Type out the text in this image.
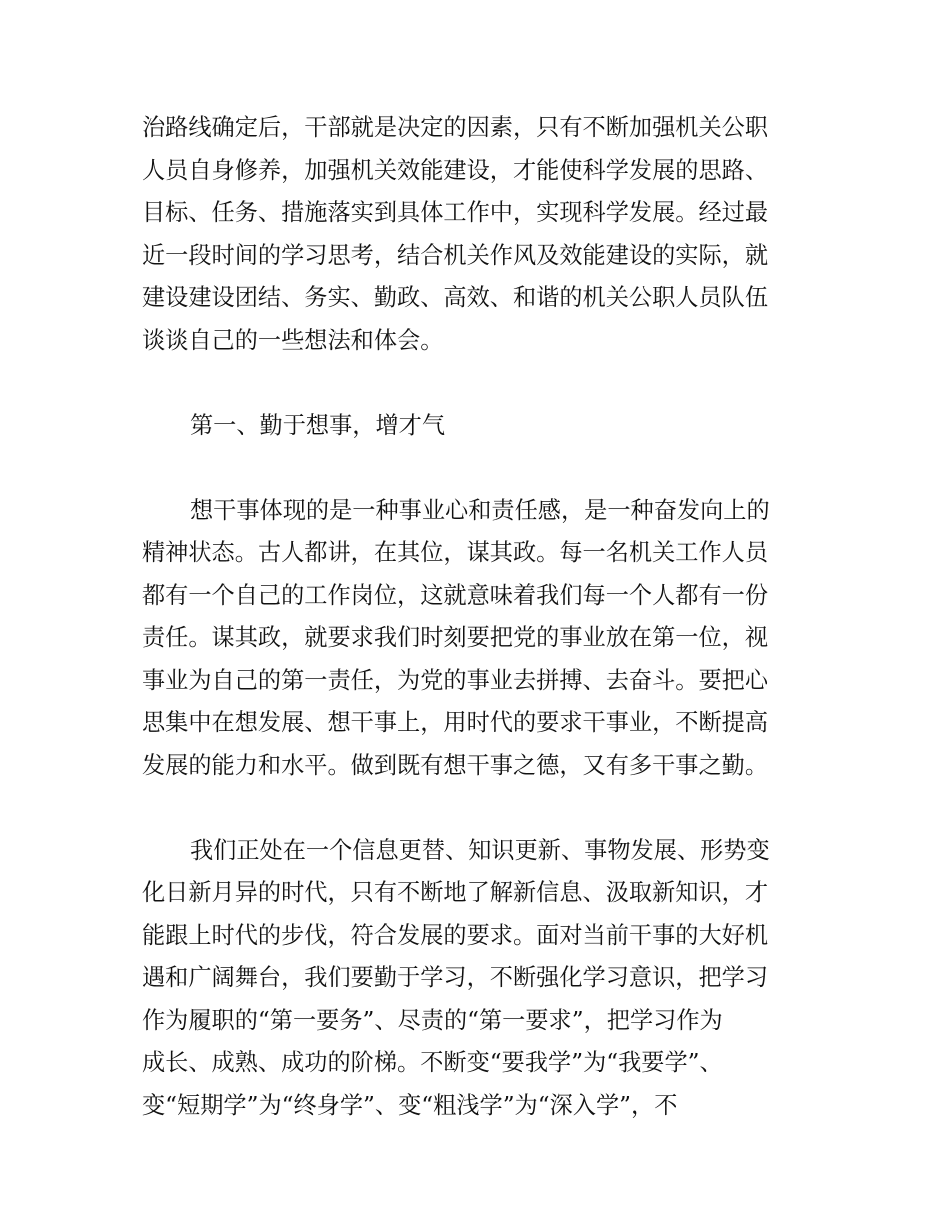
治路线确定后，干部就是决定的因素，只有不断加强机关公职
人员自身修养，加强机关效能建设，才能使科学发展的思路、
目标、任务、措施落实到具体工作中，实现科学发展。经过最
近一段时间的学习思考，结合机关作风及效能建设的实际，就
建设建设团结、务实、勤政、高效、和谐的机关公职人员队伍
谈谈自己的一些想法和体会。
第一、勤于想事，增才气
想干事体现的是一种事业心和责任感，是一种奋发向上的
精神状态。古人都讲，在其位，谋其政。每一名机关工作人员
都有一个自己的工作岗位，这就意味着我们每一个人都有一份
责任。谋其政，就要求我们时刻要把党的事业放在第一位，视
事业为自己的第一责任，为党的事业去拼搏、去奋斗。要把心
思集中在想发展、想干事上，用时代的要求干事业，不断提高
发展的能力和水平。做到既有想干事之德，又有多干事之勤。
我们正处在一个信息更替、知识更新、事物发展、形势变
化日新月异的时代，只有不断地了解新信息、汲取新知识，才
能跟上时代的步伐，符合发展的要求。面对当前干事的大好机
遇和广阔舞台，我们要勤于学习，不断强化学习意识，把学习
作为履职的“第一要务”、尽责的“第一要求”，把学习作为
成长、成熟、成功的阶梯。不断变“要我学”为“我要学”、
变“短期学”为“终身学”、变“粗浅学”为“深入学”，不
